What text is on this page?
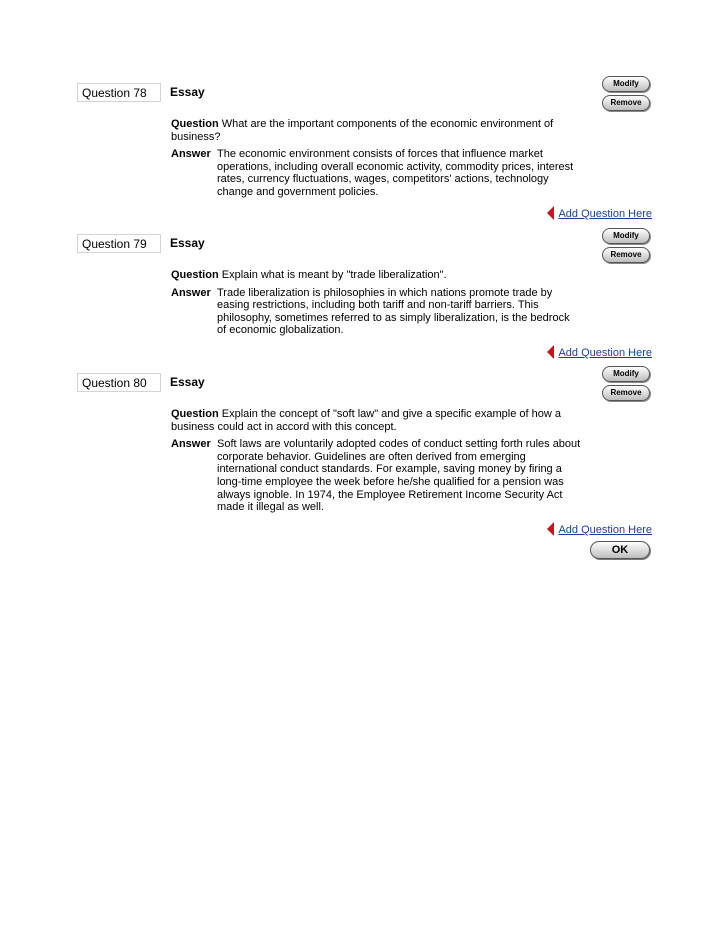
Question 78	Essay
Modify
Remove
Question What are the important components of the economic environment of business?
Answer The economic environment consists of forces that influence market operations, including overall economic activity, commodity prices, interest rates, currency fluctuations, wages, competitors' actions, technology change and government policies.
Add Question Here
Question 79	Essay
Modify
Remove
Question Explain what is meant by "trade liberalization".
Answer Trade liberalization is philosophies in which nations promote trade by easing restrictions, including both tariff and non-tariff barriers. This philosophy, sometimes referred to as simply liberalization, is the bedrock of economic globalization.
Add Question Here
Question 80	Essay
Modify
Remove
Question Explain the concept of "soft law" and give a specific example of how a business could act in accord with this concept.
Answer Soft laws are voluntarily adopted codes of conduct setting forth rules about corporate behavior. Guidelines are often derived from emerging international conduct standards. For example, saving money by firing a long-time employee the week before he/she qualified for a pension was always ignoble. In 1974, the Employee Retirement Income Security Act made it illegal as well.
Add Question Here
OK
